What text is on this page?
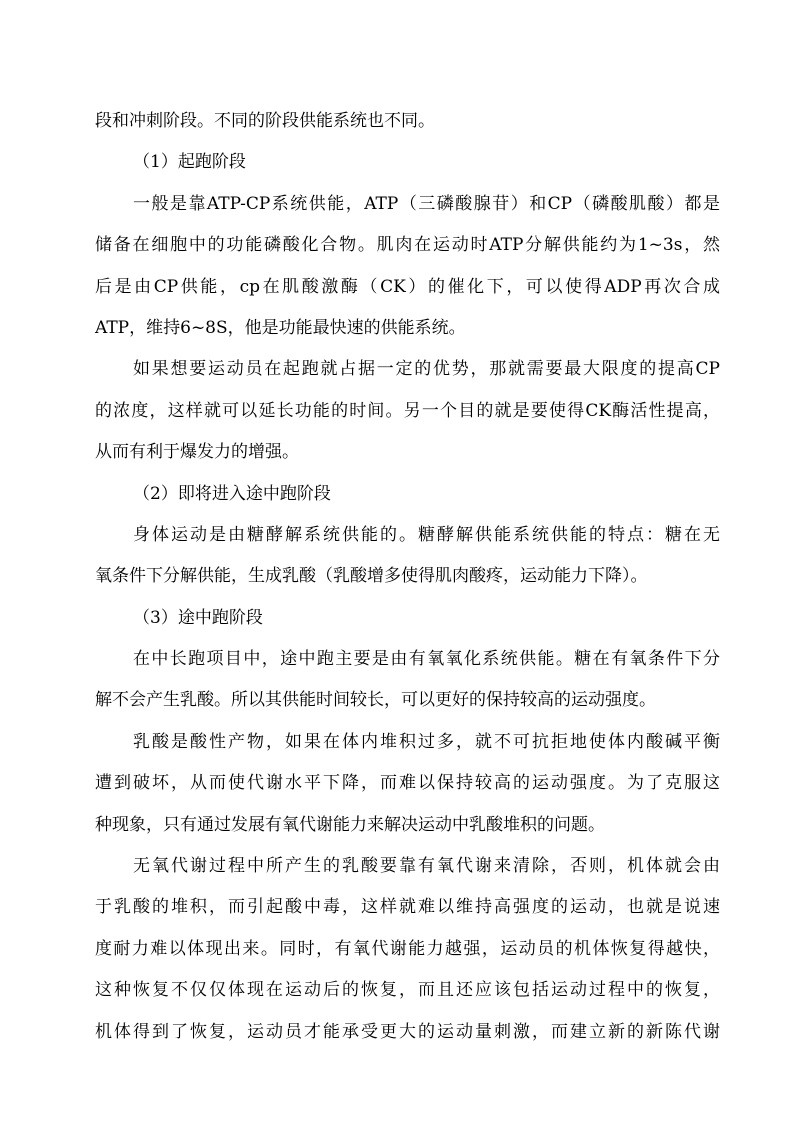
段和冲刺阶段。不同的阶段供能系统也不同。
（1）起跑阶段
一般是靠ATP-CP系统供能，ATP（三磷酸腺苷）和CP（磷酸肌酸）都是
储备在细胞中的功能磷酸化合物。肌肉在运动时ATP分解供能约为1~3s，然
后是由CP供能，cp在肌酸激酶（CK）的催化下，可以使得ADP再次合成
ATP，维持6~8S，他是功能最快速的供能系统。
如果想要运动员在起跑就占据一定的优势，那就需要最大限度的提高CP
的浓度，这样就可以延长功能的时间。另一个目的就是要使得CK酶活性提高，
从而有利于爆发力的增强。
（2）即将进入途中跑阶段
身体运动是由糖酵解系统供能的。糖酵解供能系统供能的特点：糖在无
氧条件下分解供能，生成乳酸（乳酸增多使得肌肉酸疼，运动能力下降）。
（3）途中跑阶段
在中长跑项目中，途中跑主要是由有氧氧化系统供能。糖在有氧条件下分
解不会产生乳酸。所以其供能时间较长，可以更好的保持较高的运动强度。
乳酸是酸性产物，如果在体内堆积过多，就不可抗拒地使体内酸碱平衡
遭到破坏，从而使代谢水平下降，而难以保持较高的运动强度。为了克服这
种现象，只有通过发展有氧代谢能力来解决运动中乳酸堆积的问题。
无氧代谢过程中所产生的乳酸要靠有氧代谢来清除，否则，机体就会由
于乳酸的堆积，而引起酸中毒，这样就难以维持高强度的运动，也就是说速
度耐力难以体现出来。同时，有氧代谢能力越强，运动员的机体恢复得越快，
这种恢复不仅仅体现在运动后的恢复，而且还应该包括运动过程中的恢复，
机体得到了恢复，运动员才能承受更大的运动量刺激，而建立新的新陈代谢
